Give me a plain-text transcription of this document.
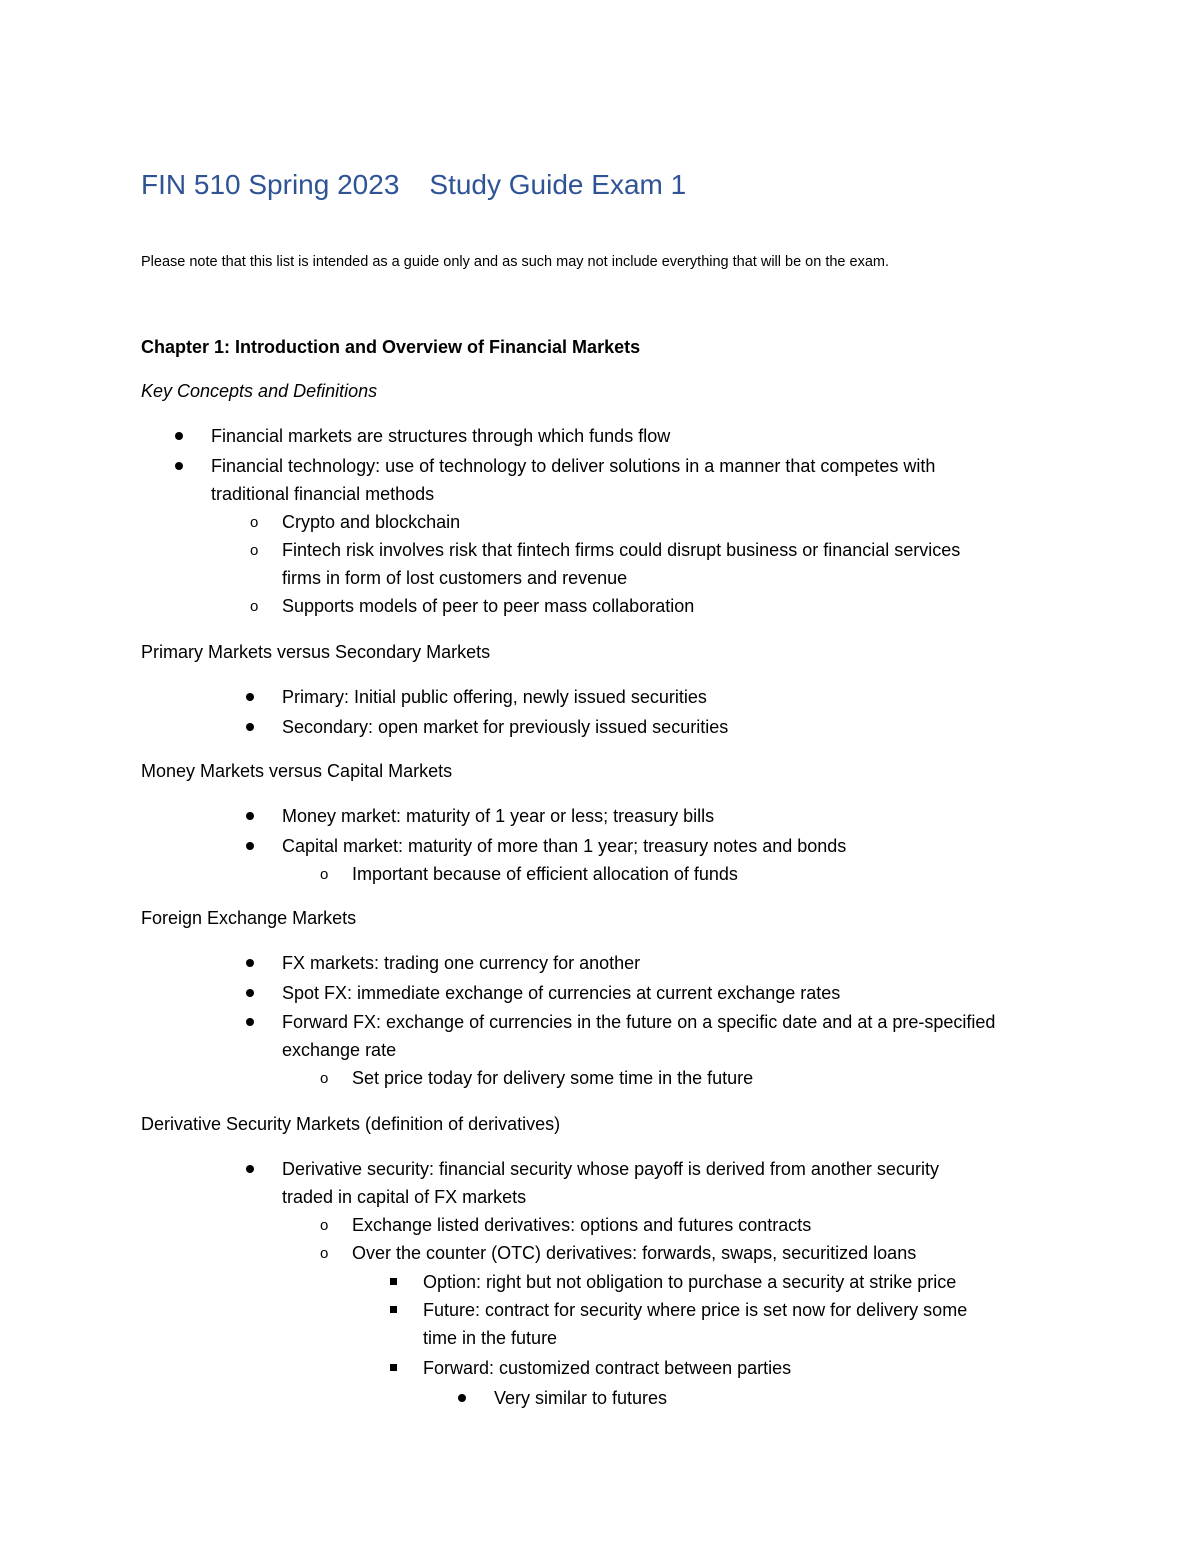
FIN 510 Spring 2023 Study Guide Exam 1
Please note that this list is intended as a guide only and as such may not include everything that will be on the exam.
Chapter 1: Introduction and Overview of Financial Markets
Key Concepts and Definitions
Financial markets are structures through which funds flow
Financial technology: use of technology to deliver solutions in a manner that competes with
traditional financial methods
o Crypto and blockchain
o Fintech risk involves risk that fintech firms could disrupt business or financial services
firms in form of lost customers and revenue
o Supports models of peer to peer mass collaboration
Primary Markets versus Secondary Markets
Primary: Initial public offering, newly issued securities
Secondary: open market for previously issued securities
Money Markets versus Capital Markets
Money market: maturity of 1 year or less; treasury bills
Capital market: maturity of more than 1 year; treasury notes and bonds
o Important because of efficient allocation of funds
Foreign Exchange Markets
FX markets: trading one currency for another
Spot FX: immediate exchange of currencies at current exchange rates
Forward FX: exchange of currencies in the future on a specific date and at a pre-specified
exchange rate
o Set price today for delivery some time in the future
Derivative Security Markets (definition of derivatives)
Derivative security: financial security whose payoff is derived from another security
traded in capital of FX markets
o Exchange listed derivatives: options and futures contracts
o Over the counter (OTC) derivatives: forwards, swaps, securitized loans
Option: right but not obligation to purchase a security at strike price
Future: contract for security where price is set now for delivery some
time in the future
Forward: customized contract between parties
Very similar to futures
